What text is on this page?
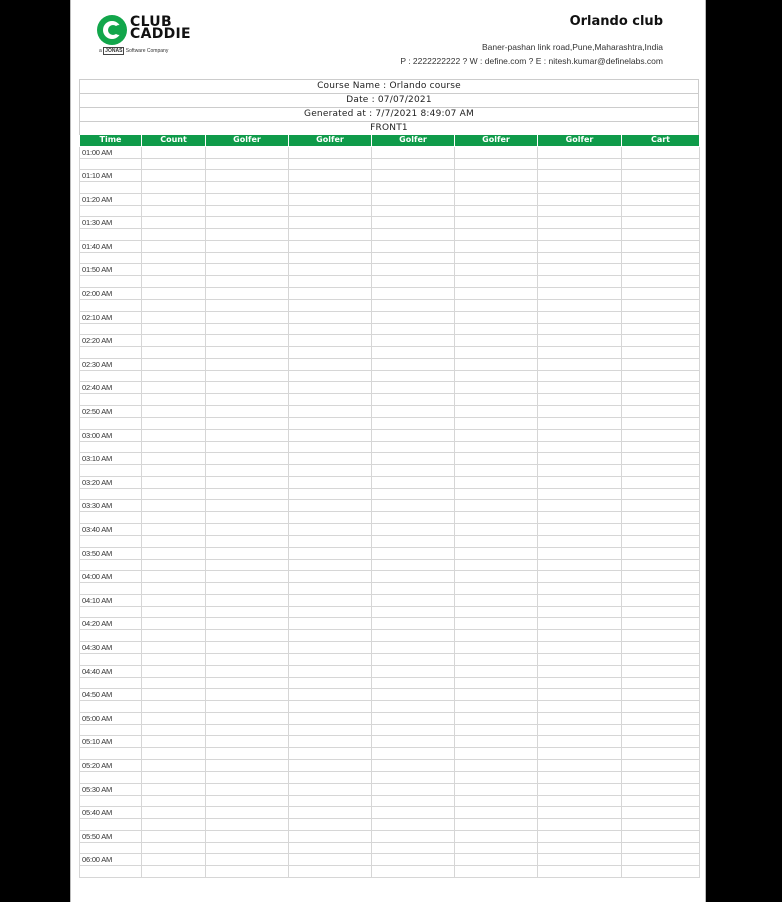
CLUB
CADDIE
a JONAS Software Company
Orlando club
Baner-pashan link road,Pune,Maharashtra,India
P : 2222222222 ? W : define.com ? E : nitesh.kumar@definelabs.com
Course Name : Orlando course
Date : 07/07/2021
Generated at : 7/7/2021 8:49:07 AM
FRONT1
Time	Count	Golfer	Golfer	Golfer	Golfer	Golfer	Cart
01:00 AM							

01:10 AM							

01:20 AM							

01:30 AM							

01:40 AM							

01:50 AM							

02:00 AM							

02:10 AM							

02:20 AM							

02:30 AM							

02:40 AM							

02:50 AM							

03:00 AM							

03:10 AM							

03:20 AM							

03:30 AM							

03:40 AM							

03:50 AM							

04:00 AM							

04:10 AM							

04:20 AM							

04:30 AM							

04:40 AM							

04:50 AM							

05:00 AM							

05:10 AM							

05:20 AM							

05:30 AM							

05:40 AM							

05:50 AM							

06:00 AM							
